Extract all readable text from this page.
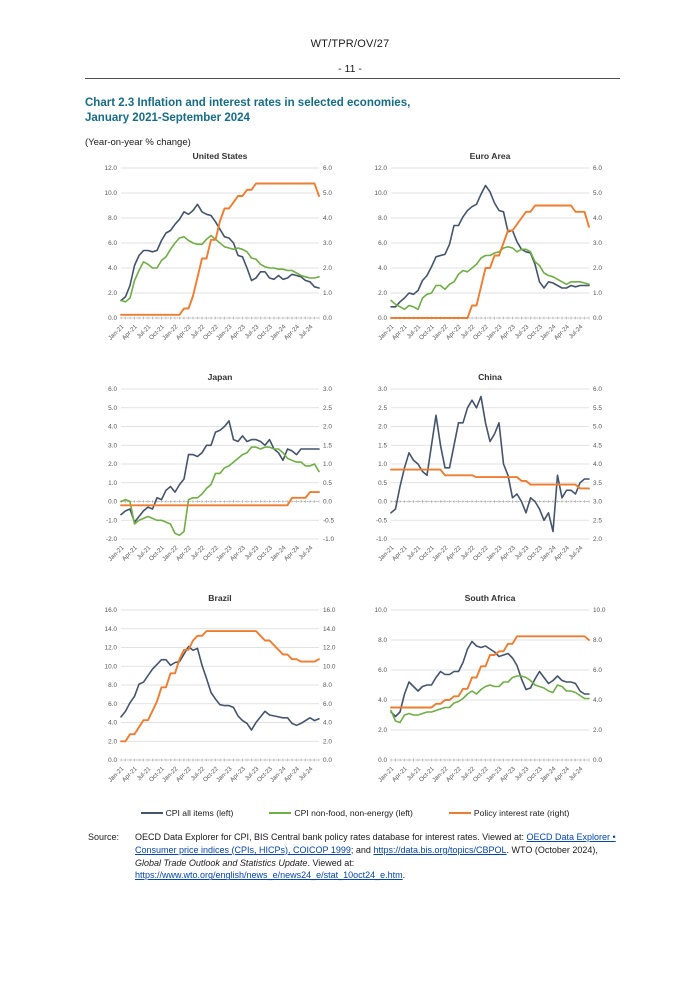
WT/TPR/OV/27
- 11 -
Chart 2.3 Inflation and interest rates in selected economies,
January 2021-September 2024
(Year-on-year % change)
United States
12.0	6.0
10.0	5.0
8.0	4.0
6.0	3.0
4.0	2.0
2.0	1.0
0.0	0.0
Jan-21
Apr-21
Jul-21
Oct-21
Jan-22
Apr-22
Jul-22
Oct-22
Jan-23
Apr-23
Jul-23
Oct-23
Jan-24
Apr-24
Jul-24
Euro Area
12.0	6.0
10.0	5.0
8.0	4.0
6.0	3.0
4.0	2.0
2.0	1.0
0.0	0.0
Jan-21
Apr-21
Jul-21
Oct-21
Jan-22
Apr-22
Jul-22
Oct-22
Jan-23
Apr-23
Jul-23
Oct-23
Jan-24
Apr-24
Jul-24
Japan
6.0	3.0
5.0	2.5
4.0	2.0
3.0	1.5
2.0	1.0
1.0	0.5
0.0	0.0
-1.0	-0.5
-2.0	-1.0
Jan-21
Apr-21
Jul-21
Oct-21
Jan-22
Apr-22
Jul-22
Oct-22
Jan-23
Apr-23
Jul-23
Oct-23
Jan-24
Apr-24
Jul-24
China
3.0	6.0
2.5	5.5
2.0	5.0
1.5	4.5
1.0	4.0
0.5	3.5
0.0	3.0
-0.5	2.5
-1.0	2.0
Jan-21
Apr-21
Jul-21
Oct-21
Jan-22
Apr-22
Jul-22
Oct-22
Jan-23
Apr-23
Jul-23
Oct-23
Jan-24
Apr-24
Jul-24
Brazil
16.0	16.0
14.0	14.0
12.0	12.0
10.0	10.0
8.0	8.0
6.0	6.0
4.0	4.0
2.0	2.0
0.0	0.0
Jan-21
Apr-21
Jul-21
Oct-21
Jan-22
Apr-22
Jul-22
Oct-22
Jan-23
Apr-23
Jul-23
Oct-23
Jan-24
Apr-24
Jul-24
South Africa
10.0	10.0
8.0	8.0
6.0	6.0
4.0	4.0
2.0	2.0
0.0	0.0
Jan-21
Apr-21
Jul-21
Oct-21
Jan-22
Apr-22
Jul-22
Oct-22
Jan-23
Apr-23
Jul-23
Oct-23
Jan-24
Apr-24
Jul-24
CPI all items (left)	CPI non-food, non-energy (left)	Policy interest rate (right)
Source:	OECD Data Explorer for CPI, BIS Central bank policy rates database for interest rates. Viewed at: OECD Data Explorer • Consumer price indices (CPIs, HICPs), COICOP 1999; and https://data.bis.org/topics/CBPOL. WTO (October 2024), Global Trade Outlook and Statistics Update. Viewed at: https://www.wto.org/english/news_e/news24_e/stat_10oct24_e.htm.
